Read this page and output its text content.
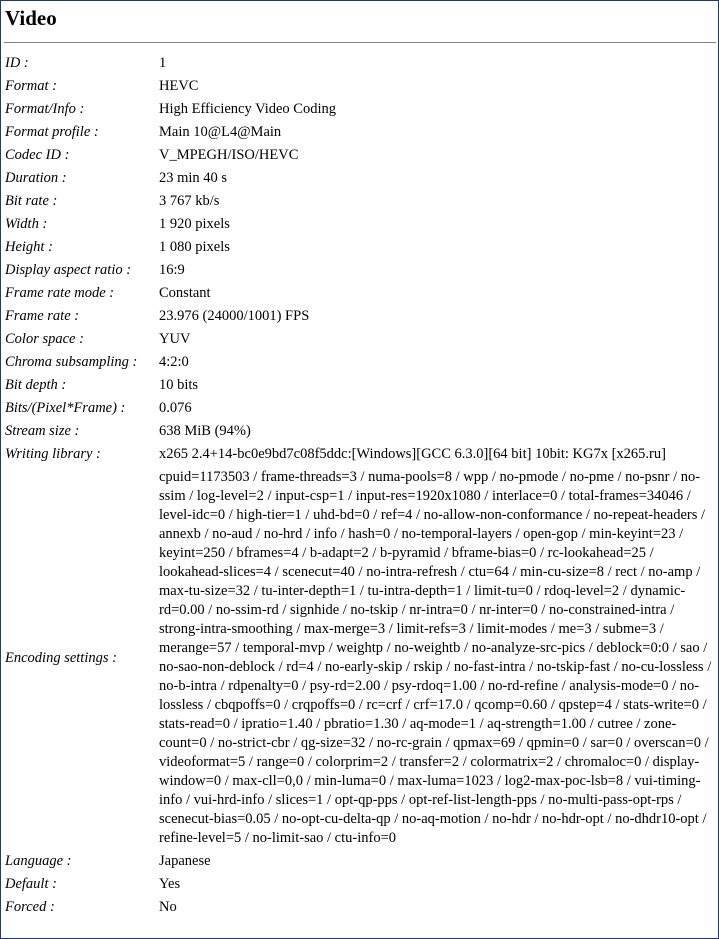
Video
ID :	1
Format :	HEVC
Format/Info :	High Efficiency Video Coding
Format profile :	Main 10@L4@Main
Codec ID :	V_MPEGH/ISO/HEVC
Duration :	23 min 40 s
Bit rate :	3 767 kb/s
Width :	1 920 pixels
Height :	1 080 pixels
Display aspect ratio :	16:9
Frame rate mode :	Constant
Frame rate :	23.976 (24000/1001) FPS
Color space :	YUV
Chroma subsampling :	4:2:0
Bit depth :	10 bits
Bits/(Pixel*Frame) :	0.076
Stream size :	638 MiB (94%)
Writing library :	x265 2.4+14-bc0e9bd7c08f5ddc:[Windows][GCC 6.3.0][64 bit] 10bit: KG7x [x265.ru]
Encoding settings :	cpuid=1173503 / frame-threads=3 / numa-pools=8 / wpp / no-pmode / no-pme / no-psnr / no-ssim / log-level=2 / input-csp=1 / input-res=1920x1080 / interlace=0 / total-frames=34046 / level-idc=0 / high-tier=1 / uhd-bd=0 / ref=4 / no-allow-non-conformance / no-repeat-headers / annexb / no-aud / no-hrd / info / hash=0 / no-temporal-layers / open-gop / min-keyint=23 / keyint=250 / bframes=4 / b-adapt=2 / b-pyramid / bframe-bias=0 / rc-lookahead=25 / lookahead-slices=4 / scenecut=40 / no-intra-refresh / ctu=64 / min-cu-size=8 / rect / no-amp / max-tu-size=32 / tu-inter-depth=1 / tu-intra-depth=1 / limit-tu=0 / rdoq-level=2 / dynamic-rd=0.00 / no-ssim-rd / signhide / no-tskip / nr-intra=0 / nr-inter=0 / no-constrained-intra / strong-intra-smoothing / max-merge=3 / limit-refs=3 / limit-modes / me=3 / subme=3 / merange=57 / temporal-mvp / weightp / no-weightb / no-analyze-src-pics / deblock=0:0 / sao / no-sao-non-deblock / rd=4 / no-early-skip / rskip / no-fast-intra / no-tskip-fast / no-cu-lossless / no-b-intra / rdpenalty=0 / psy-rd=2.00 / psy-rdoq=1.00 / no-rd-refine / analysis-mode=0 / no-lossless / cbqpoffs=0 / crqpoffs=0 / rc=crf / crf=17.0 / qcomp=0.60 / qpstep=4 / stats-write=0 / stats-read=0 / ipratio=1.40 / pbratio=1.30 / aq-mode=1 / aq-strength=1.00 / cutree / zone-count=0 / no-strict-cbr / qg-size=32 / no-rc-grain / qpmax=69 / qpmin=0 / sar=0 / overscan=0 / videoformat=5 / range=0 / colorprim=2 / transfer=2 / colormatrix=2 / chromaloc=0 / display-window=0 / max-cll=0,0 / min-luma=0 / max-luma=1023 / log2-max-poc-lsb=8 / vui-timing-info / vui-hrd-info / slices=1 / opt-qp-pps / opt-ref-list-length-pps / no-multi-pass-opt-rps / scenecut-bias=0.05 / no-opt-cu-delta-qp / no-aq-motion / no-hdr / no-hdr-opt / no-dhdr10-opt / refine-level=5 / no-limit-sao / ctu-info=0
Language :	Japanese
Default :	Yes
Forced :	No
